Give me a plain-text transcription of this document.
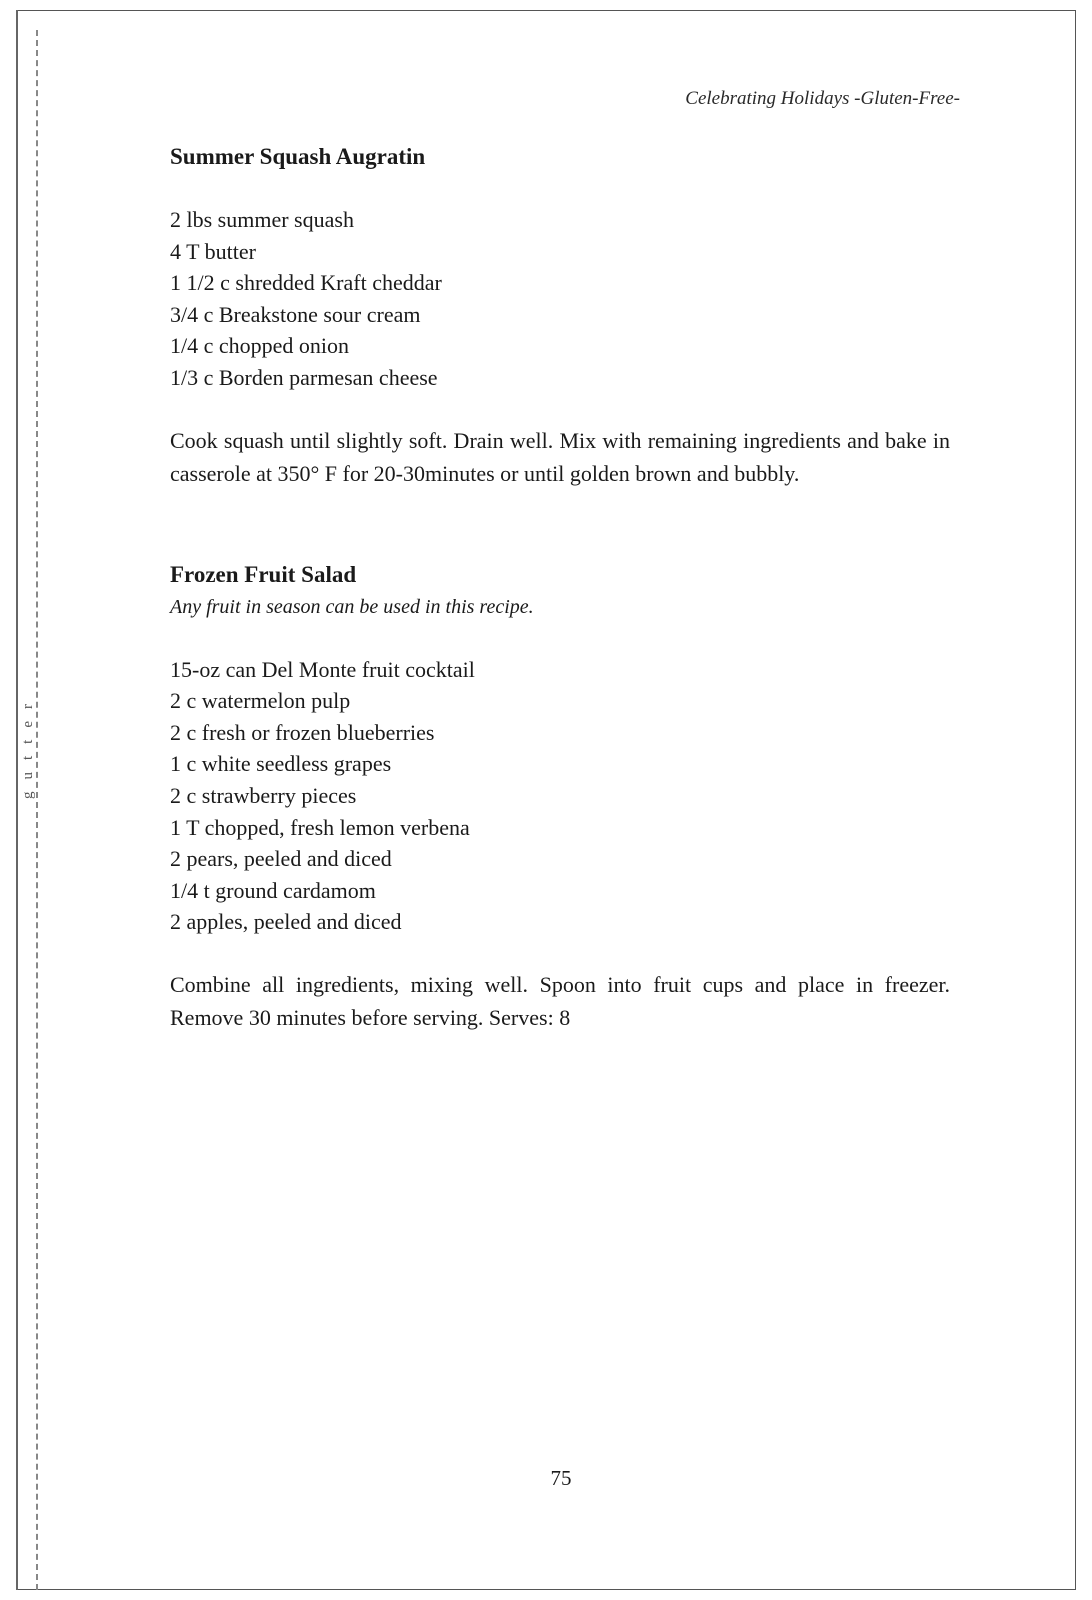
gutter
Celebrating Holidays -Gluten-Free-
Summer Squash Augratin
2 lbs summer squash
4 T butter
1 1/2 c shredded Kraft cheddar
3/4 c Breakstone sour cream
1/4 c chopped onion
1/3 c Borden parmesan cheese

Cook squash until slightly soft. Drain well. Mix with remaining ingredients and bake in casserole at 350° F for 20-30minutes or until golden brown and bubbly.

Frozen Fruit Salad

Any fruit in season can be used in this recipe.

15-oz can Del Monte fruit cocktail
2 c watermelon pulp
2 c fresh or frozen blueberries
1 c white seedless grapes
2 c strawberry pieces
1 T chopped, fresh lemon verbena
2 pears, peeled and diced
1/4 t ground cardamom
2 apples, peeled and diced

Combine all ingredients, mixing well. Spoon into fruit cups and place in freezer. Remove 30 minutes before serving. Serves: 8

75
